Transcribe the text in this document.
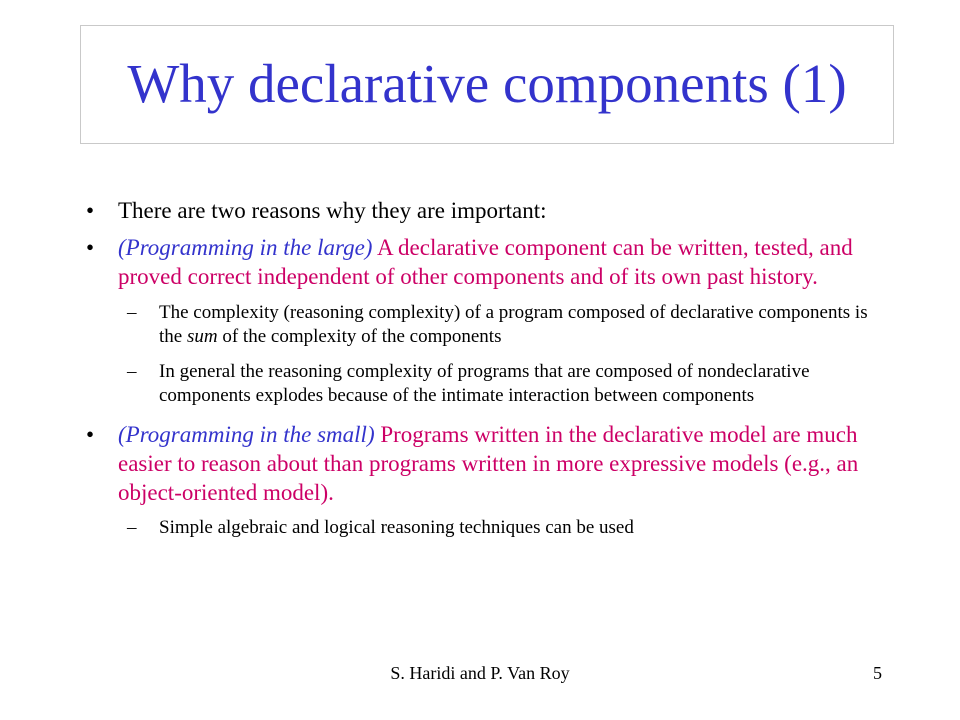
Why declarative components (1)
• There are two reasons why they are important:
• (Programming in the large) A declarative component can be written, tested, and proved correct independent of other components and of its own past history.
– The complexity (reasoning complexity) of a program composed of declarative components is the sum of the complexity of the components
– In general the reasoning complexity of programs that are composed of nondeclarative components explodes because of the intimate interaction between components
• (Programming in the small) Programs written in the declarative model are much easier to reason about than programs written in more expressive models (e.g., an object-oriented model).
– Simple algebraic and logical reasoning techniques can be used
S. Haridi and P. Van Roy	5
